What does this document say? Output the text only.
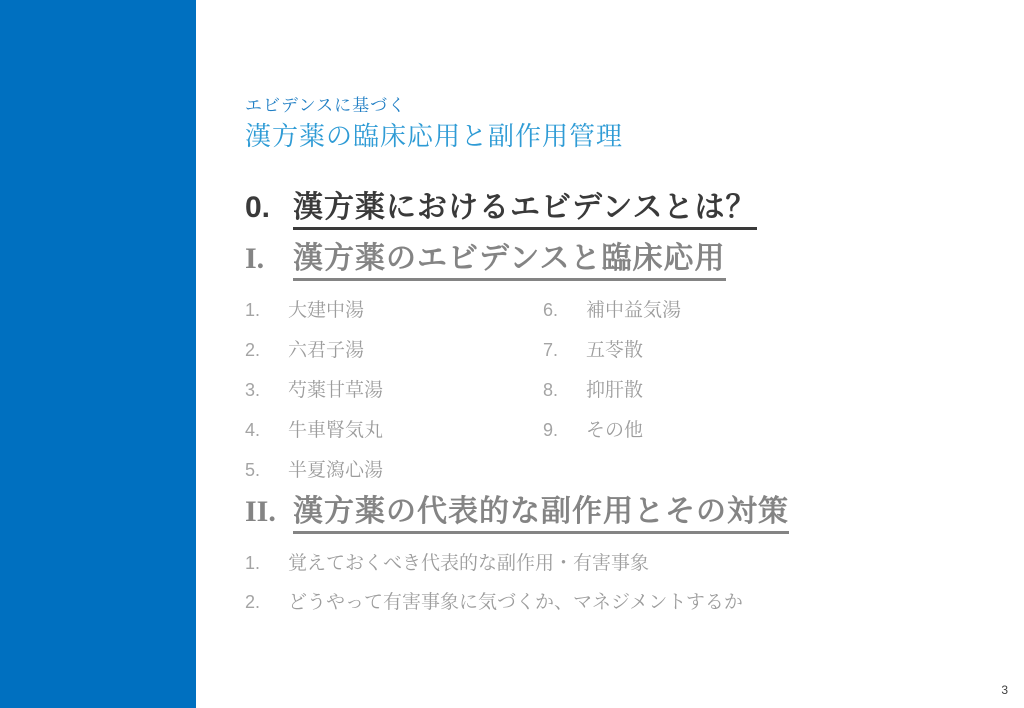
エビデンスに基づく
漢方薬の臨床応用と副作用管理
0. 漢方薬におけるエビデンスとは？
I. 漢方薬のエビデンスと臨床応用
1.	大建中湯
2.	六君子湯
3.	芍薬甘草湯
4.	牛車腎気丸
5.	半夏瀉心湯
6.	補中益気湯
7.	五苓散
8.	抑肝散
9.	その他
II. 漢方薬の代表的な副作用とその対策
1.	覚えておくべき代表的な副作用・有害事象
2.	どうやって有害事象に気づくか、マネジメントするか
3
